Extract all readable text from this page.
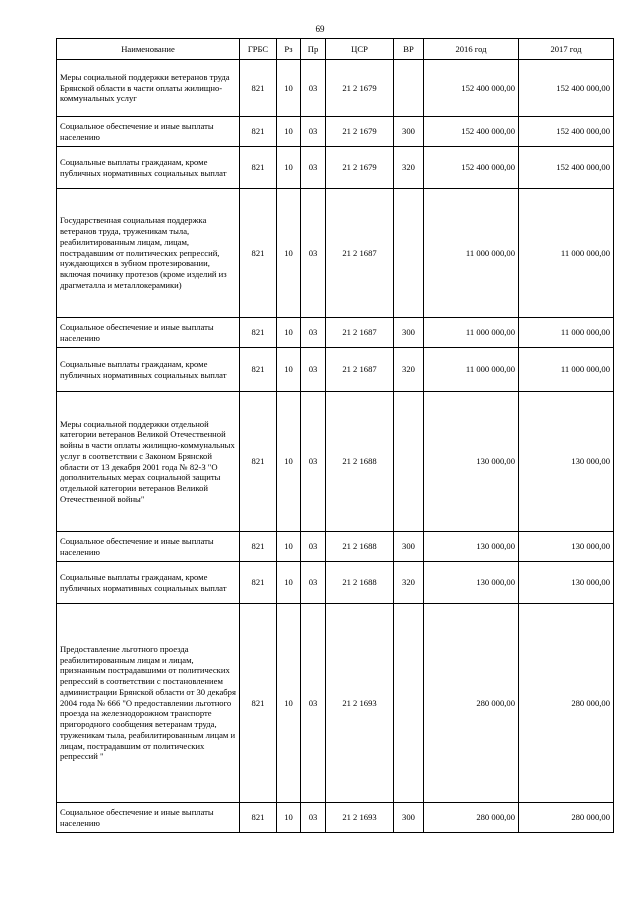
69
Наименование	ГРБС	Рз	Пр	ЦСР	ВР	2016 год	2017 год
Меры социальной поддержки ветеранов труда Брянской области в части оплаты жилищно-коммунальных услуг	821	10	03	21 2 1679		152 400 000,00	152 400 000,00
Социальное обеспечение и иные выплаты населению	821	10	03	21 2 1679	300	152 400 000,00	152 400 000,00
Социальные выплаты гражданам, кроме публичных нормативных социальных выплат	821	10	03	21 2 1679	320	152 400 000,00	152 400 000,00
Государственная социальная поддержка ветеранов труда, труженикам тыла, реабилитированным лицам, лицам, пострадавшим от политических репрессий, нуждающихся в зубном протезировании, включая починку протезов (кроме изделий из драгметалла и металлокерамики)	821	10	03	21 2 1687		11 000 000,00	11 000 000,00
Социальное обеспечение и иные выплаты населению	821	10	03	21 2 1687	300	11 000 000,00	11 000 000,00
Социальные выплаты гражданам, кроме публичных нормативных социальных выплат	821	10	03	21 2 1687	320	11 000 000,00	11 000 000,00
Меры социальной поддержки отдельной категории ветеранов Великой Отечественной войны в части оплаты жилищно-коммунальных услуг в соответствии с Законом Брянской области от 13 декабря 2001 года № 82-З "О дополнительных мерах социальной защиты отдельной категории ветеранов Великой Отечественной войны"	821	10	03	21 2 1688		130 000,00	130 000,00
Социальное обеспечение и иные выплаты населению	821	10	03	21 2 1688	300	130 000,00	130 000,00
Социальные выплаты гражданам, кроме публичных нормативных социальных выплат	821	10	03	21 2 1688	320	130 000,00	130 000,00
Предоставление льготного проезда реабилитированным лицам и лицам, признанным пострадавшими от политических репрессий в соответствии с постановлением администрации Брянской области от 30 декабря 2004 года № 666 "О предоставлении льготного проезда на железнодорожном транспорте пригородного сообщения ветеранам труда, труженикам тыла, реабилитированным лицам и лицам, пострадавшим от политических репрессий "	821	10	03	21 2 1693		280 000,00	280 000,00
Социальное обеспечение и иные выплаты населению	821	10	03	21 2 1693	300	280 000,00	280 000,00
